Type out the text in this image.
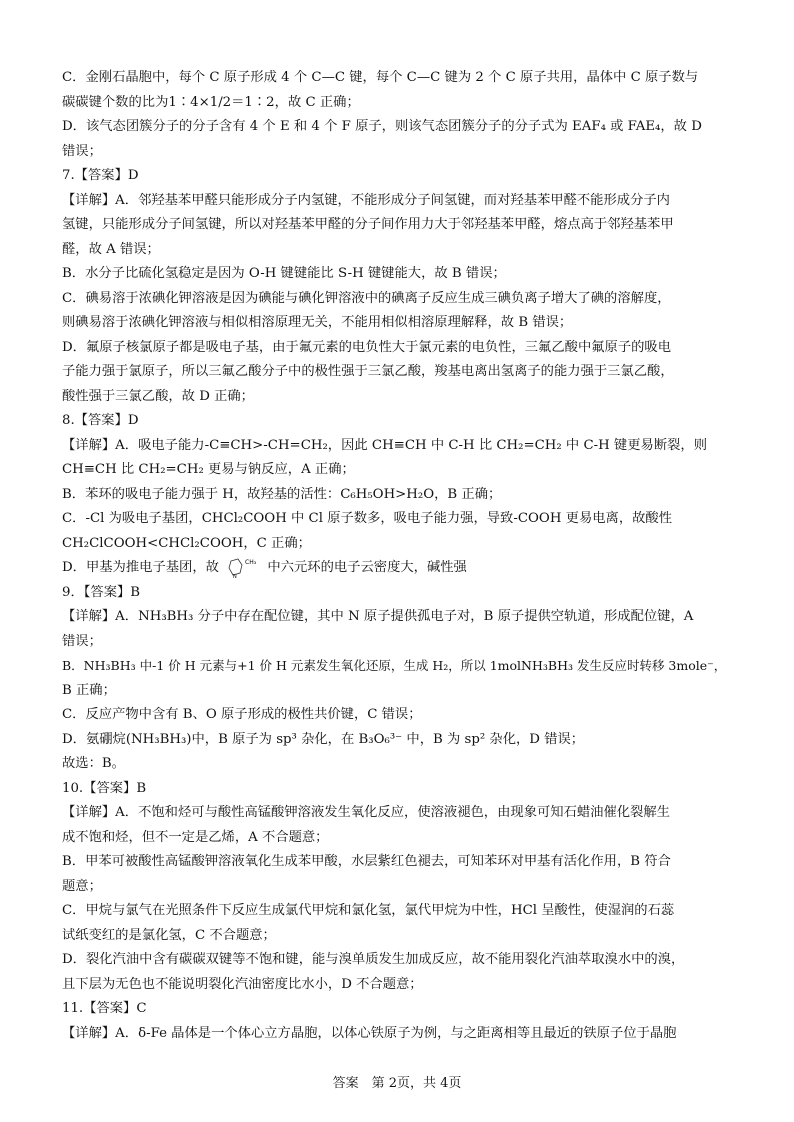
C．金刚石晶胞中，每个 C 原子形成 4 个 C—C 键，每个 C—C 键为 2 个 C 原子共用，晶体中 C 原子数与
碳碳键个数的比为1∶4×1/2＝1∶2，故 C 正确；
D．该气态团簇分子的分子含有 4 个 E 和 4 个 F 原子，则该气态团簇分子的分子式为 EAF₄ 或 FAE₄，故 D
错误；
7.【答案】D
【详解】A．邻羟基苯甲醛只能形成分子内氢键，不能形成分子间氢键，而对羟基苯甲醛不能形成分子内
氢键，只能形成分子间氢键，所以对羟基苯甲醛的分子间作用力大于邻羟基苯甲醛，熔点高于邻羟基苯甲
醛，故 A 错误；
B．水分子比硫化氢稳定是因为 O-H 键键能比 S-H 键键能大，故 B 错误；
C．碘易溶于浓碘化钾溶液是因为碘能与碘化钾溶液中的碘离子反应生成三碘负离子增大了碘的溶解度，
则碘易溶于浓碘化钾溶液与相似相溶原理无关，不能用相似相溶原理解释，故 B 错误；
D．氟原子核氯原子都是吸电子基，由于氟元素的电负性大于氯元素的电负性，三氟乙酸中氟原子的吸电
子能力强于氯原子，所以三氟乙酸分子中的极性强于三氯乙酸，羧基电离出氢离子的能力强于三氯乙酸，
酸性强于三氯乙酸，故 D 正确；
8.【答案】D
【详解】A．吸电子能力-C≡CH>-CH=CH₂，因此 CH≡CH 中 C-H 比 CH₂=CH₂ 中 C-H 键更易断裂，则
CH≡CH 比 CH₂=CH₂ 更易与钠反应，A 正确；
B．苯环的吸电子能力强于 H，故羟基的活性：C₆H₅OH>H₂O，B 正确；
C．-Cl 为吸电子基团，CHCl₂COOH 中 Cl 原子数多，吸电子能力强，导致-COOH 更易电离，故酸性
CH₂ClCOOH<CHCl₂COOH，C 正确；
D．甲基为推电子基团，故
N
CH₃ 中六元环的电子云密度大，碱性强
9．【答案】B
【详解】A．NH₃BH₃ 分子中存在配位键，其中 N 原子提供孤电子对，B 原子提供空轨道，形成配位键，A
错误；
B．NH₃BH₃ 中-1 价 H 元素与+1 价 H 元素发生氧化还原，生成 H₂，所以 1molNH₃BH₃ 发生反应时转移 3mole⁻，
B 正确；
C．反应产物中含有 B、O 原子形成的极性共价键，C 错误；
D．氨硼烷(NH₃BH₃)中，B 原子为 sp³ 杂化，在 B₃O₆³⁻ 中，B 为 sp² 杂化，D 错误；
故选：B。
10.【答案】B
【详解】A．不饱和烃可与酸性高锰酸钾溶液发生氧化反应，使溶液褪色，由现象可知石蜡油催化裂解生
成不饱和烃，但不一定是乙烯，A 不合题意；
B．甲苯可被酸性高锰酸钾溶液氧化生成苯甲酸，水层紫红色褪去，可知苯环对甲基有活化作用，B 符合
题意；
C．甲烷与氯气在光照条件下反应生成氯代甲烷和氯化氢，氯代甲烷为中性，HCl 呈酸性，使湿润的石蕊
试纸变红的是氯化氢，C 不合题意；
D．裂化汽油中含有碳碳双键等不饱和键，能与溴单质发生加成反应，故不能用裂化汽油萃取溴水中的溴，
且下层为无色也不能说明裂化汽油密度比水小，D 不合题意；
11.【答案】C
【详解】A．δ-Fe 晶体是一个体心立方晶胞，以体心铁原子为例，与之距离相等且最近的铁原子位于晶胞
答案　第 2页，共 4页
